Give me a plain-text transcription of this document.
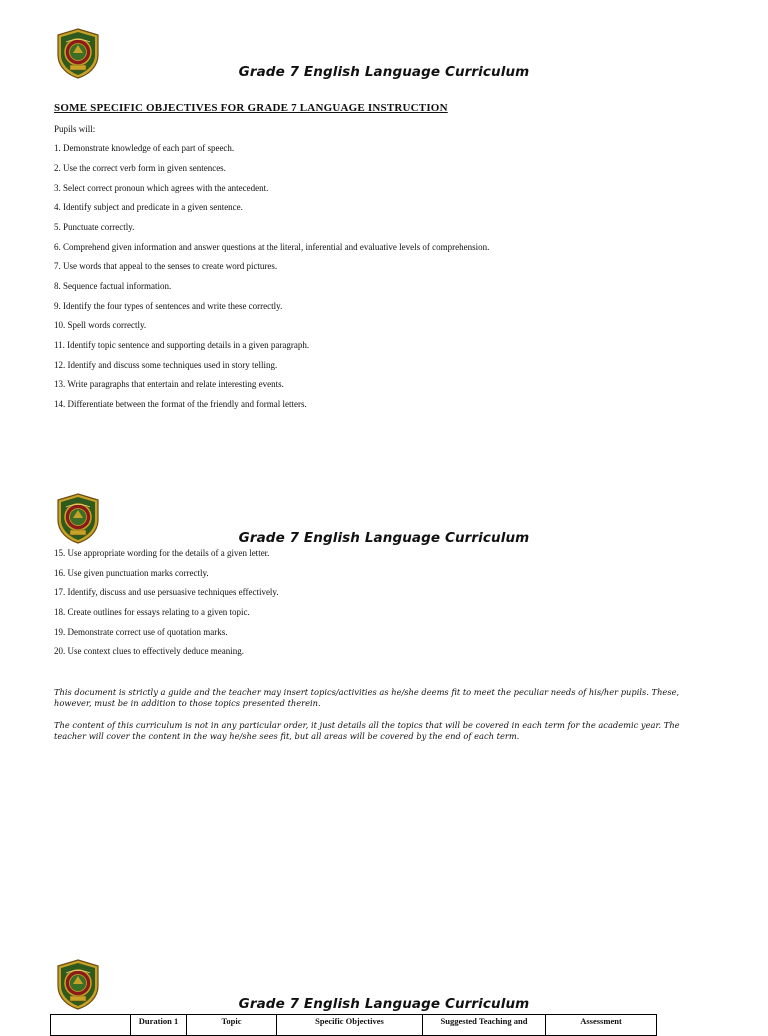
Grade 7 English Language Curriculum
SOME SPECIFIC OBJECTIVES FOR GRADE 7 LANGUAGE INSTRUCTION
Pupils will:
1. Demonstrate knowledge of each part of speech.
2. Use the correct verb form in given sentences.
3. Select correct pronoun which agrees with the antecedent.
4. Identify subject and predicate in a given sentence.
5. Punctuate correctly.
6. Comprehend given information and answer questions at the literal, inferential and evaluative levels of comprehension.
7. Use words that appeal to the senses to create word pictures.
8. Sequence factual information.
9. Identify the four types of sentences and write these correctly.
10. Spell words correctly.
11. Identify topic sentence and supporting details in a given paragraph.
12. Identify and discuss some techniques used in story telling.
13. Write paragraphs that entertain and relate interesting events.
14. Differentiate between the format of the friendly and formal letters.
Grade 7 English Language Curriculum
15. Use appropriate wording for the details of a given letter.
16. Use given punctuation marks correctly.
17. Identify, discuss and use persuasive techniques effectively.
18. Create outlines for essays relating to a given topic.
19. Demonstrate correct use of quotation marks.
20. Use context clues to effectively deduce meaning.
This document is strictly a guide and the teacher may insert topics/activities as he/she deems fit to meet the peculiar needs of his/her pupils. These, however, must be in addition to those topics presented therein.
The content of this curriculum is not in any particular order, it just details all the topics that will be covered in each term for the academic year. The teacher will cover the content in the way he/she sees fit, but all areas will be covered by the end of each term.
Grade 7 English Language Curriculum
	Duration 1	Topic	Specific Objectives	Suggested Teaching and	Assessment
